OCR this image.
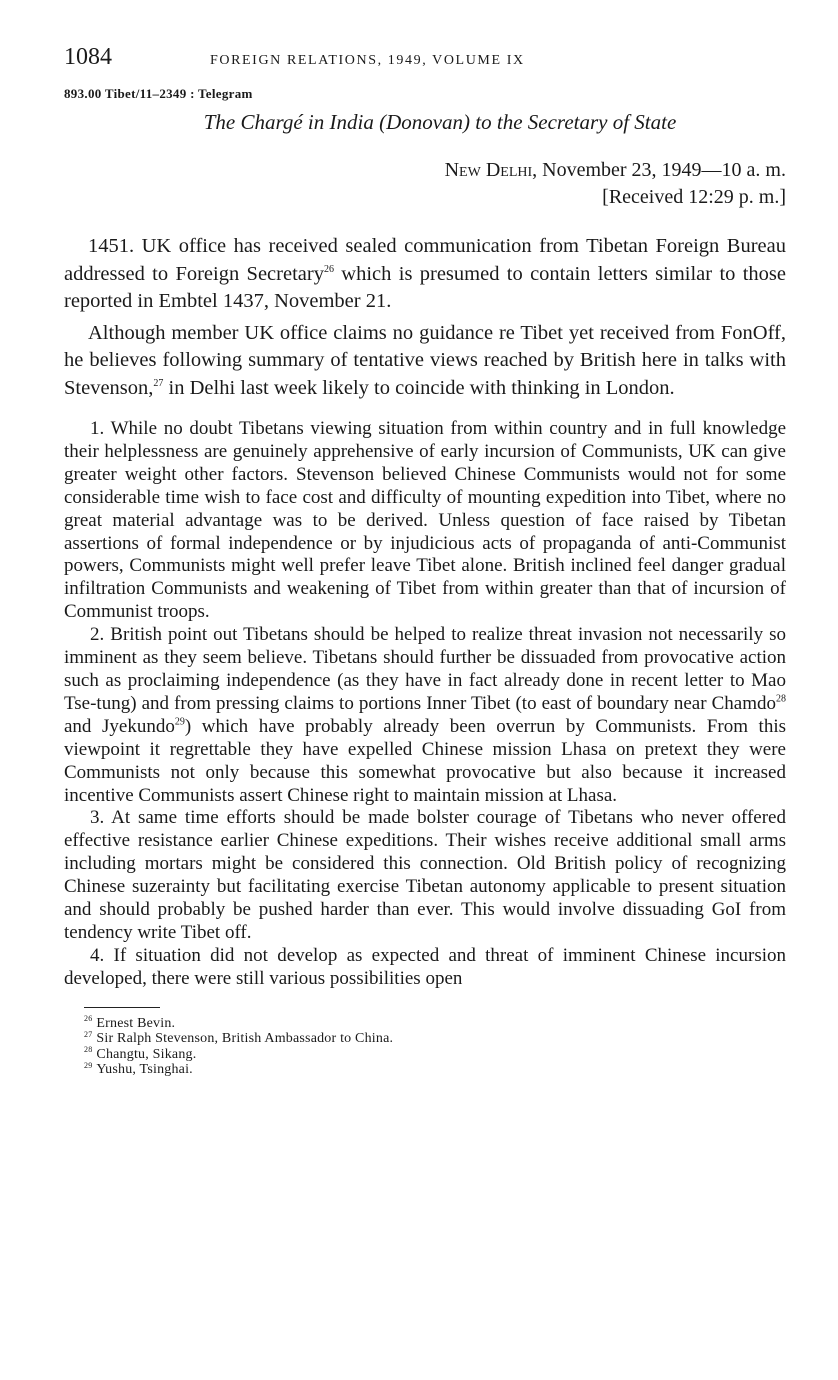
1084	FOREIGN RELATIONS, 1949, VOLUME IX
893.00 Tibet/11–2349 : Telegram
The Chargé in India (Donovan) to the Secretary of State
New Delhi, November 23, 1949—10 a. m.
[Received 12:29 p. m.]

1451. UK office has received sealed communication from Tibetan Foreign Bureau addressed to Foreign Secretary$^{26}$ which is presumed to contain letters similar to those reported in Embtel 1437, November 21.

Although member UK office claims no guidance re Tibet yet received from FonOff, he believes following summary of tentative views reached by British here in talks with Stevenson,$^{27}$ in Delhi last week likely to coincide with thinking in London.

1. While no doubt Tibetans viewing situation from within country and in full knowledge their helplessness are genuinely apprehensive of early incursion of Communists, UK can give greater weight other factors. Stevenson believed Chinese Communists would not for some considerable time wish to face cost and difficulty of mounting expedition into Tibet, where no great material advantage was to be derived. Unless question of face raised by Tibetan assertions of formal independence or by injudicious acts of propaganda of anti-Communist powers, Communists might well prefer leave Tibet alone. British inclined feel danger gradual infiltration Communists and weakening of Tibet from within greater than that of incursion of Communist troops.

2. British point out Tibetans should be helped to realize threat invasion not necessarily so imminent as they seem believe. Tibetans should further be dissuaded from provocative action such as proclaiming independence (as they have in fact already done in recent letter to Mao Tse-tung) and from pressing claims to portions Inner Tibet (to east of boundary near Chamdo$^{28}$ and Jyekundo$^{29}$) which have probably already been overrun by Communists. From this viewpoint it regrettable they have expelled Chinese mission Lhasa on pretext they were Communists not only because this somewhat provocative but also because it increased incentive Communists assert Chinese right to maintain mission at Lhasa.

3. At same time efforts should be made bolster courage of Tibetans who never offered effective resistance earlier Chinese expeditions. Their wishes receive additional small arms including mortars might be considered this connection. Old British policy of recognizing Chinese suzerainty but facilitating exercise Tibetan autonomy applicable to present situation and should probably be pushed harder than ever. This would involve dissuading GoI from tendency write Tibet off.

4. If situation did not develop as expected and threat of imminent Chinese incursion developed, there were still various possibilities open

$^{26}$ Ernest Bevin.
$^{27}$ Sir Ralph Stevenson, British Ambassador to China.
$^{28}$ Changtu, Sikang.
$^{29}$ Yushu, Tsinghai.
